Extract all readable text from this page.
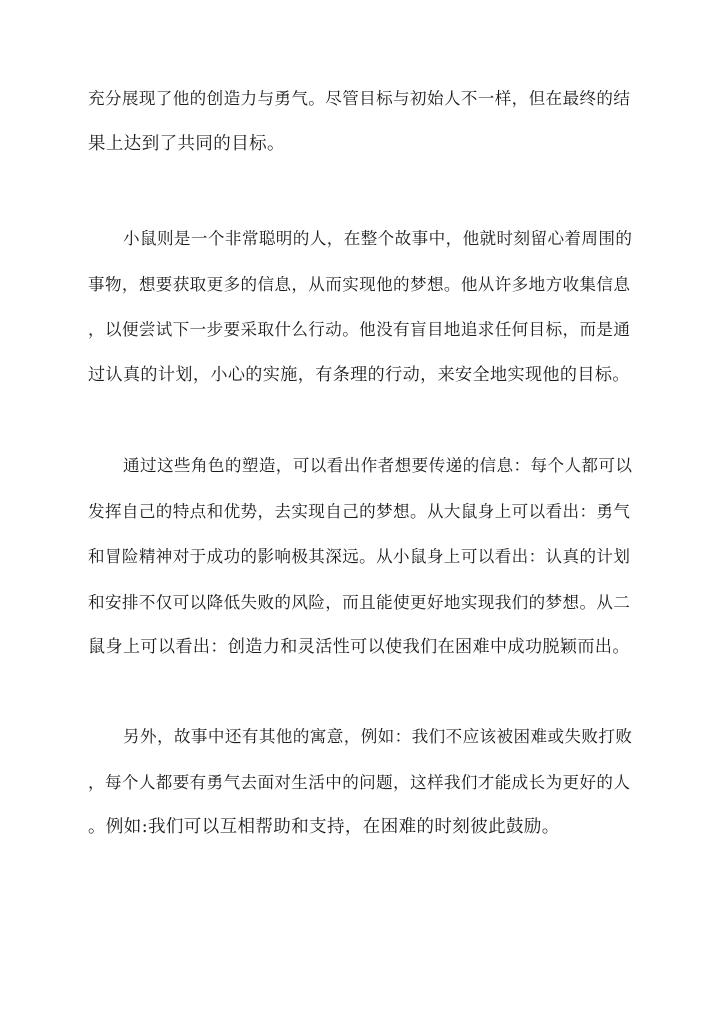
充分展现了他的创造力与勇气。尽管目标与初始人不一样，但在最终的结
果上达到了共同的目标。
小鼠则是一个非常聪明的人，在整个故事中，他就时刻留心着周围的
事物，想要获取更多的信息，从而实现他的梦想。他从许多地方收集信息
，以便尝试下一步要采取什么行动。他没有盲目地追求任何目标，而是通
过认真的计划，小心的实施，有条理的行动，来安全地实现他的目标。
通过这些角色的塑造，可以看出作者想要传递的信息：每个人都可以
发挥自己的特点和优势，去实现自己的梦想。从大鼠身上可以看出：勇气
和冒险精神对于成功的影响极其深远。从小鼠身上可以看出：认真的计划
和安排不仅可以降低失败的风险，而且能使更好地实现我们的梦想。从二
鼠身上可以看出：创造力和灵活性可以使我们在困难中成功脱颖而出。
另外，故事中还有其他的寓意，例如：我们不应该被困难或失败打败
，每个人都要有勇气去面对生活中的问题，这样我们才能成长为更好的人
。例如:我们可以互相帮助和支持，在困难的时刻彼此鼓励。
